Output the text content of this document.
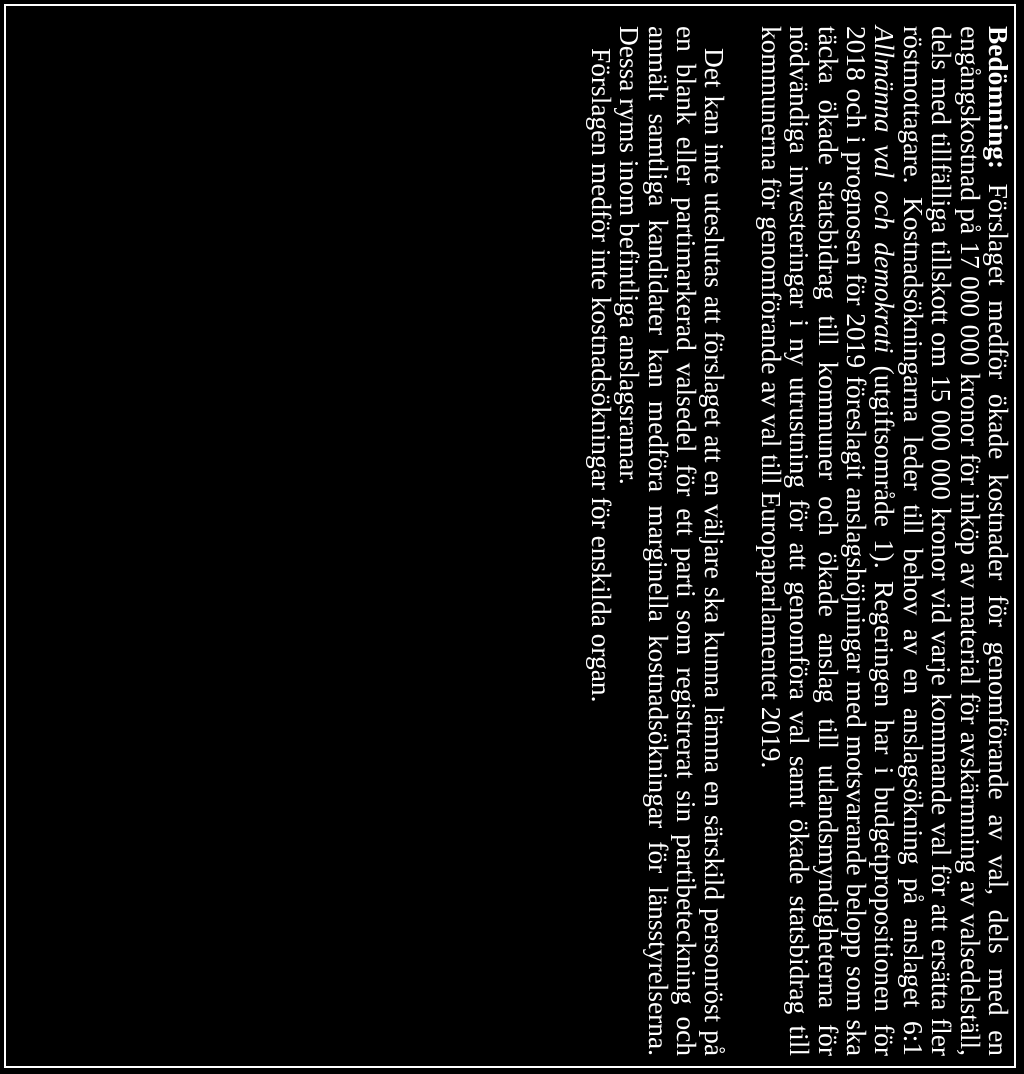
Bedömning: Förslaget medför ökade kostnader för genomförande av val, dels med en engångskostnad på 17 000 000 kronor för inköp av material för avskärmning av valsedelställ, dels med tillfälliga tillskott om 15 000 000 kronor vid varje kommande val för att ersätta fler röstmottagare. Kostnadsökningarna leder till behov av en anslagsökning på anslaget 6:1 Allmänna val och demokrati (utgiftsområde 1). Regeringen har i budgetpropositionen för 2018 och i prognosen för 2019 föreslagit anslagshöjningar med motsvarande belopp som ska täcka ökade statsbidrag till kommuner och ökade anslag till utlandsmyndigheterna för nödvändiga investeringar i ny utrustning för att genomföra val samt ökade statsbidrag till kommunerna för genomförande av val till Europaparlamentet 2019.

Det kan inte uteslutas att förslaget att en väljare ska kunna lämna en särskild personröst på en blank eller partimarkerad valsedel för ett parti som registrerat sin partibeteckning och anmält samtliga kandidater kan medföra marginella kostnadsökningar för länsstyrelserna. Dessa ryms inom befintliga anslagsramar.

Förslagen medför inte kostnadsökningar för enskilda organ.
